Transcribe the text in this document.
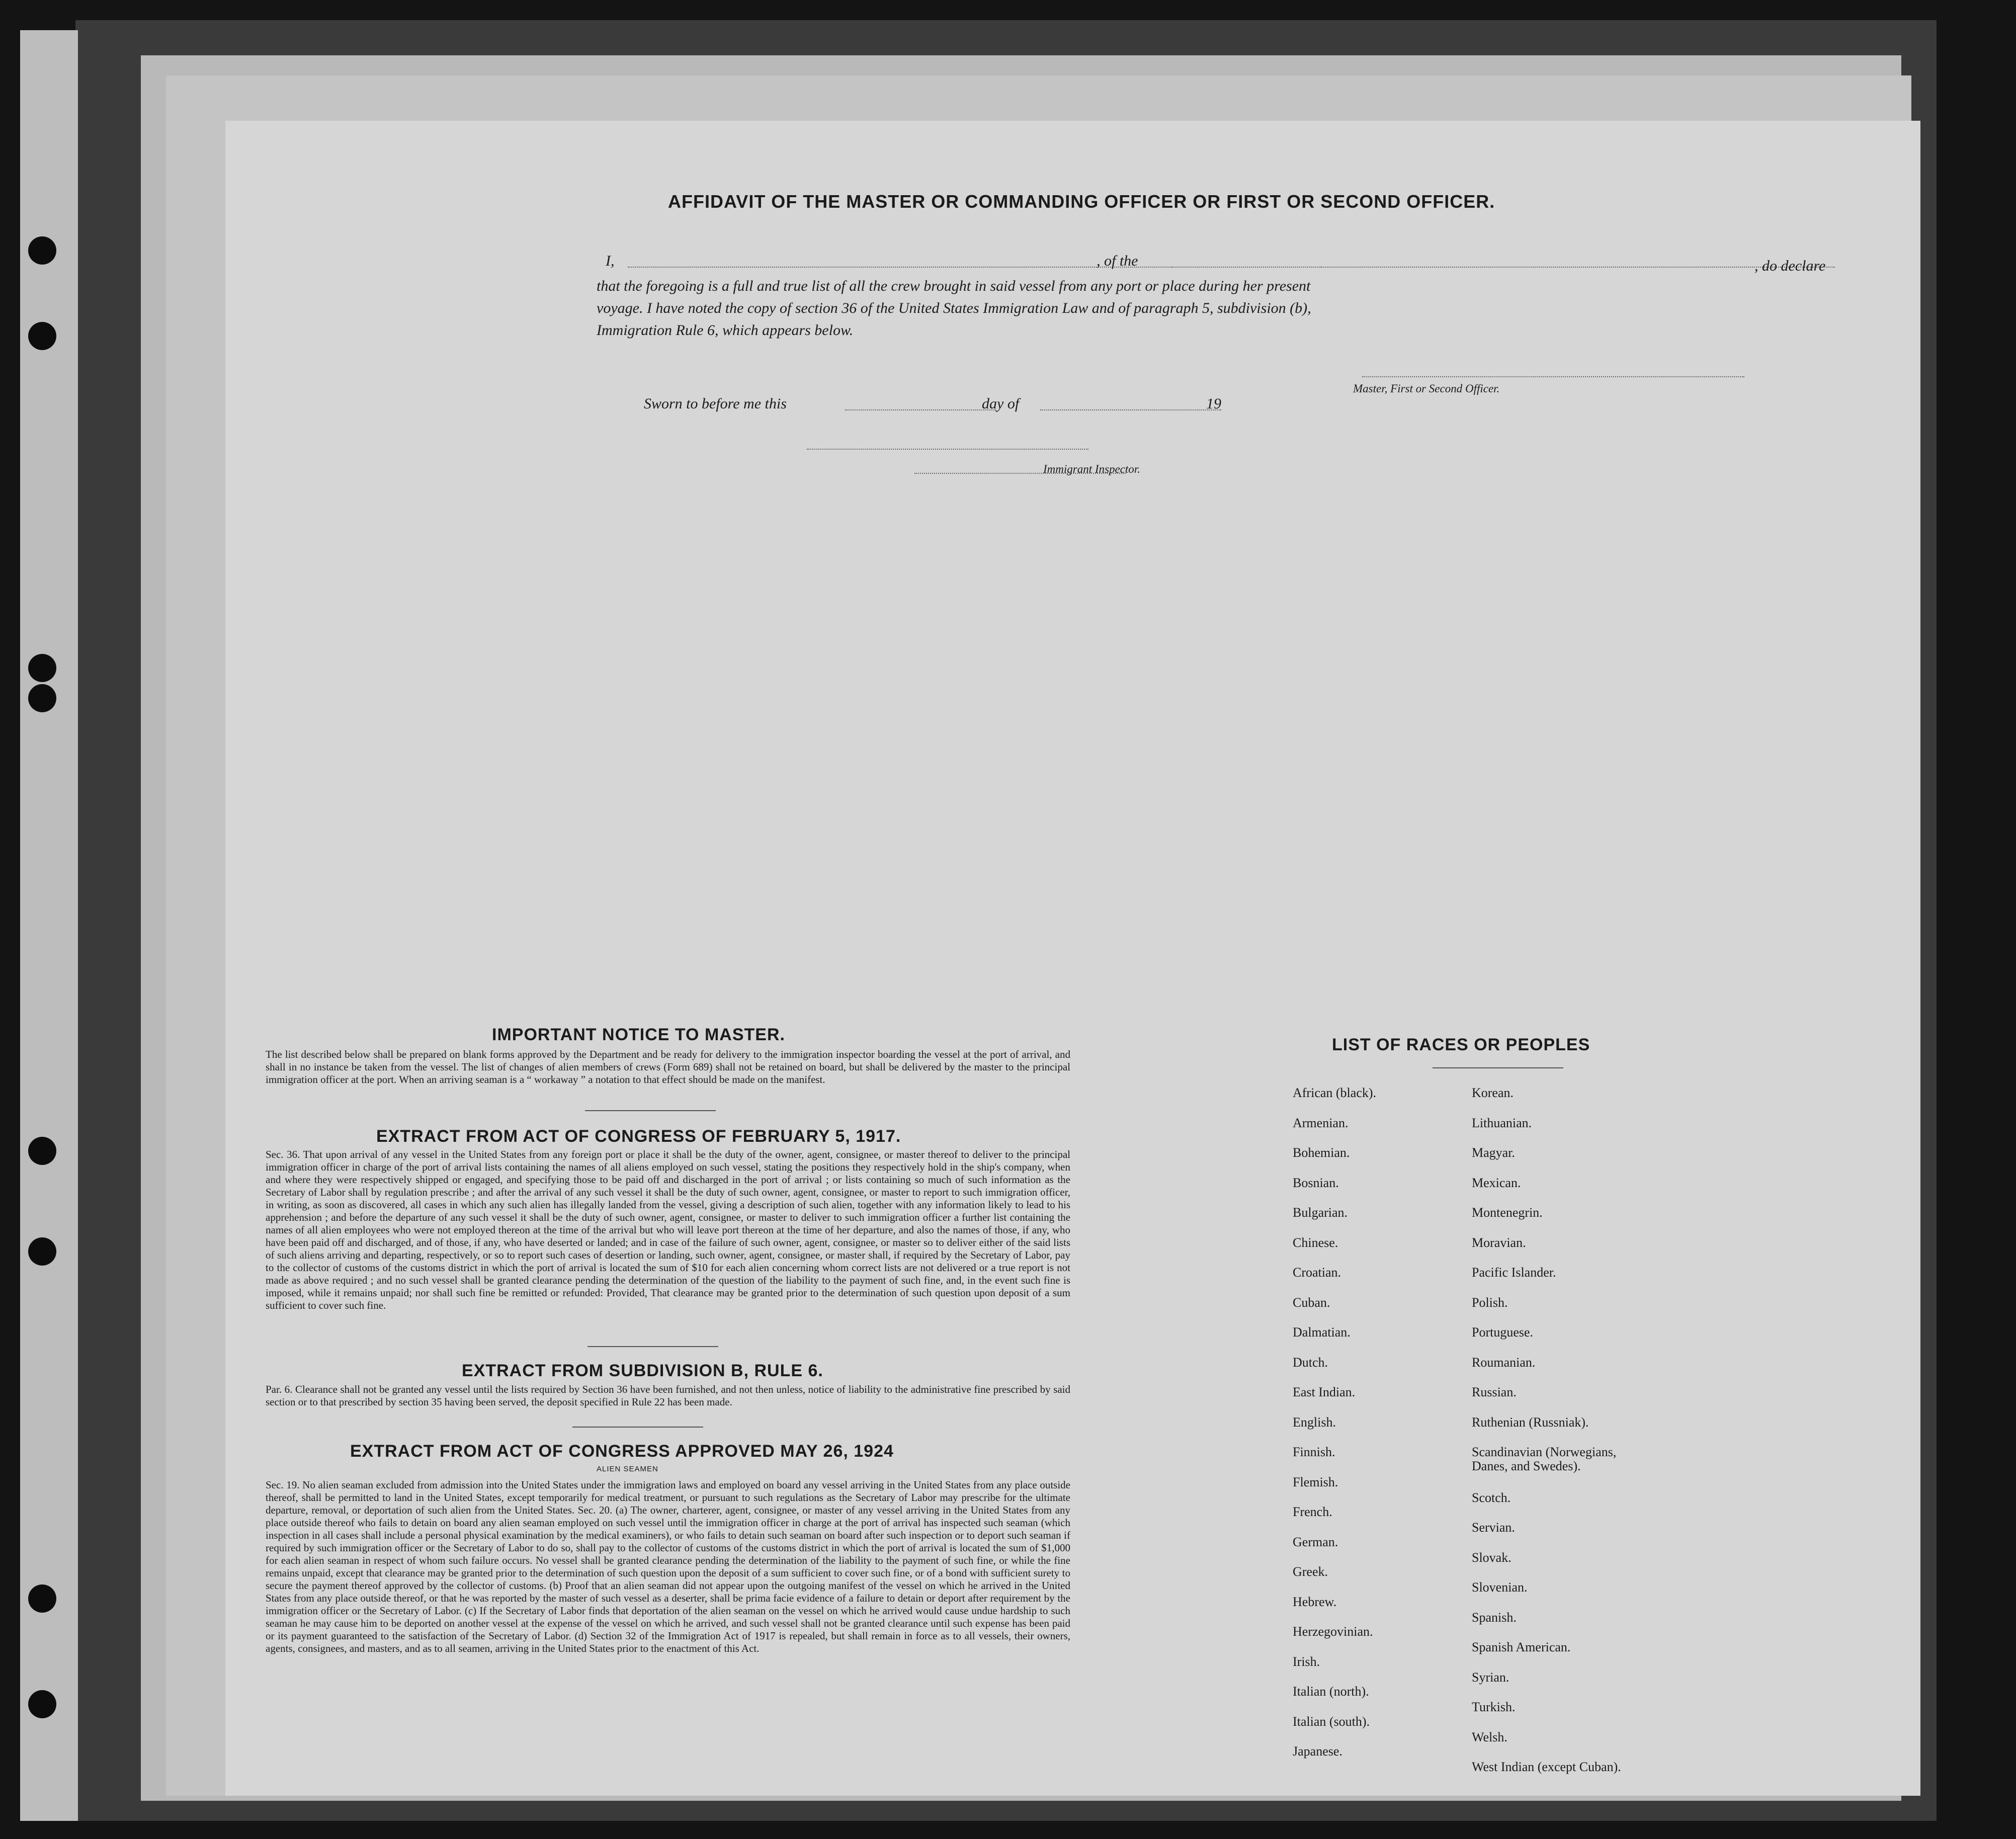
AFFIDAVIT OF THE MASTER OR COMMANDING OFFICER OR FIRST OR SECOND OFFICER.
I,	, of the	, do declare
that the foregoing is a full and true list of all the crew brought in said vessel from any port or place during her present
voyage. I have noted the copy of section 36 of the United States Immigration Law and of paragraph 5, subdivision (b),
Immigration Rule 6, which appears below.
Master, First or Second Officer.
Sworn to before me this	day of	19
Immigrant Inspector.
IMPORTANT NOTICE TO MASTER.
The list described below shall be prepared on blank forms approved by the Department and be ready for delivery to the immigration inspector boarding the vessel at the port of arrival, and shall in no instance be taken from the vessel. The list of changes of alien members of crews (Form 689) shall not be retained on board, but shall be delivered by the master to the principal immigration officer at the port. When an arriving seaman is a “ workaway ” a notation to that effect should be made on the manifest.
EXTRACT FROM ACT OF CONGRESS OF FEBRUARY 5, 1917.
Sec. 36. That upon arrival of any vessel in the United States from any foreign port or place it shall be the duty of the owner, agent, consignee, or master thereof to deliver to the principal immigration officer in charge of the port of arrival lists containing the names of all aliens employed on such vessel, stating the positions they respectively hold in the ship's company, when and where they were respectively shipped or engaged, and specifying those to be paid off and discharged in the port of arrival ; or lists containing so much of such information as the Secretary of Labor shall by regulation prescribe ; and after the arrival of any such vessel it shall be the duty of such owner, agent, consignee, or master to report to such immigration officer, in writing, as soon as discovered, all cases in which any such alien has illegally landed from the vessel, giving a description of such alien, together with any information likely to lead to his apprehension ; and before the departure of any such vessel it shall be the duty of such owner, agent, consignee, or master to deliver to such immigration officer a further list containing the names of all alien employees who were not employed thereon at the time of the arrival but who will leave port thereon at the time of her departure, and also the names of those, if any, who have been paid off and discharged, and of those, if any, who have deserted or landed; and in case of the failure of such owner, agent, consignee, or master so to deliver either of the said lists of such aliens arriving and departing, respectively, or so to report such cases of desertion or landing, such owner, agent, consignee, or master shall, if required by the Secretary of Labor, pay to the collector of customs of the customs district in which the port of arrival is located the sum of $10 for each alien concerning whom correct lists are not delivered or a true report is not made as above required ; and no such vessel shall be granted clearance pending the determination of the question of the liability to the payment of such fine, and, in the event such fine is imposed, while it remains unpaid; nor shall such fine be remitted or refunded: Provided, That clearance may be granted prior to the determination of such question upon deposit of a sum sufficient to cover such fine.
EXTRACT FROM SUBDIVISION B, RULE 6.
Par. 6. Clearance shall not be granted any vessel until the lists required by Section 36 have been furnished, and not then unless, notice of liability to the administrative fine prescribed by said section or to that prescribed by section 35 having been served, the deposit specified in Rule 22 has been made.
EXTRACT FROM ACT OF CONGRESS APPROVED MAY 26, 1924
ALIEN SEAMEN
Sec. 19. No alien seaman excluded from admission into the United States under the immigration laws and employed on board any vessel arriving in the United States from any place outside thereof, shall be permitted to land in the United States, except temporarily for medical treatment, or pursuant to such regulations as the Secretary of Labor may prescribe for the ultimate departure, removal, or deportation of such alien from the United States. Sec. 20. (a) The owner, charterer, agent, consignee, or master of any vessel arriving in the United States from any place outside thereof who fails to detain on board any alien seaman employed on such vessel until the immigration officer in charge at the port of arrival has inspected such seaman (which inspection in all cases shall include a personal physical examination by the medical examiners), or who fails to detain such seaman on board after such inspection or to deport such seaman if required by such immigration officer or the Secretary of Labor to do so, shall pay to the collector of customs of the customs district in which the port of arrival is located the sum of $1,000 for each alien seaman in respect of whom such failure occurs. No vessel shall be granted clearance pending the determination of the liability to the payment of such fine, or while the fine remains unpaid, except that clearance may be granted prior to the determination of such question upon the deposit of a sum sufficient to cover such fine, or of a bond with sufficient surety to secure the payment thereof approved by the collector of customs. (b) Proof that an alien seaman did not appear upon the outgoing manifest of the vessel on which he arrived in the United States from any place outside thereof, or that he was reported by the master of such vessel as a deserter, shall be prima facie evidence of a failure to detain or deport after requirement by the immigration officer or the Secretary of Labor. (c) If the Secretary of Labor finds that deportation of the alien seaman on the vessel on which he arrived would cause undue hardship to such seaman he may cause him to be deported on another vessel at the expense of the vessel on which he arrived, and such vessel shall not be granted clearance until such expense has been paid or its payment guaranteed to the satisfaction of the Secretary of Labor. (d) Section 32 of the Immigration Act of 1917 is repealed, but shall remain in force as to all vessels, their owners, agents, consignees, and masters, and as to all seamen, arriving in the United States prior to the enactment of this Act.
LIST OF RACES OR PEOPLES
African (black).
Armenian.
Bohemian.
Bosnian.
Bulgarian.
Chinese.
Croatian.
Cuban.
Dalmatian.
Dutch.
East Indian.
English.
Finnish.
Flemish.
French.
German.
Greek.
Hebrew.
Herzegovinian.
Irish.
Italian (north).
Italian (south).
Japanese.
Korean.
Lithuanian.
Magyar.
Mexican.
Montenegrin.
Moravian.
Pacific Islander.
Polish.
Portuguese.
Roumanian.
Russian.
Ruthenian (Russniak).
Scandinavian (Norwegians,
Danes, and Swedes).
Scotch.
Servian.
Slovak.
Slovenian.
Spanish.
Spanish American.
Syrian.
Turkish.
Welsh.
West Indian (except Cuban).
